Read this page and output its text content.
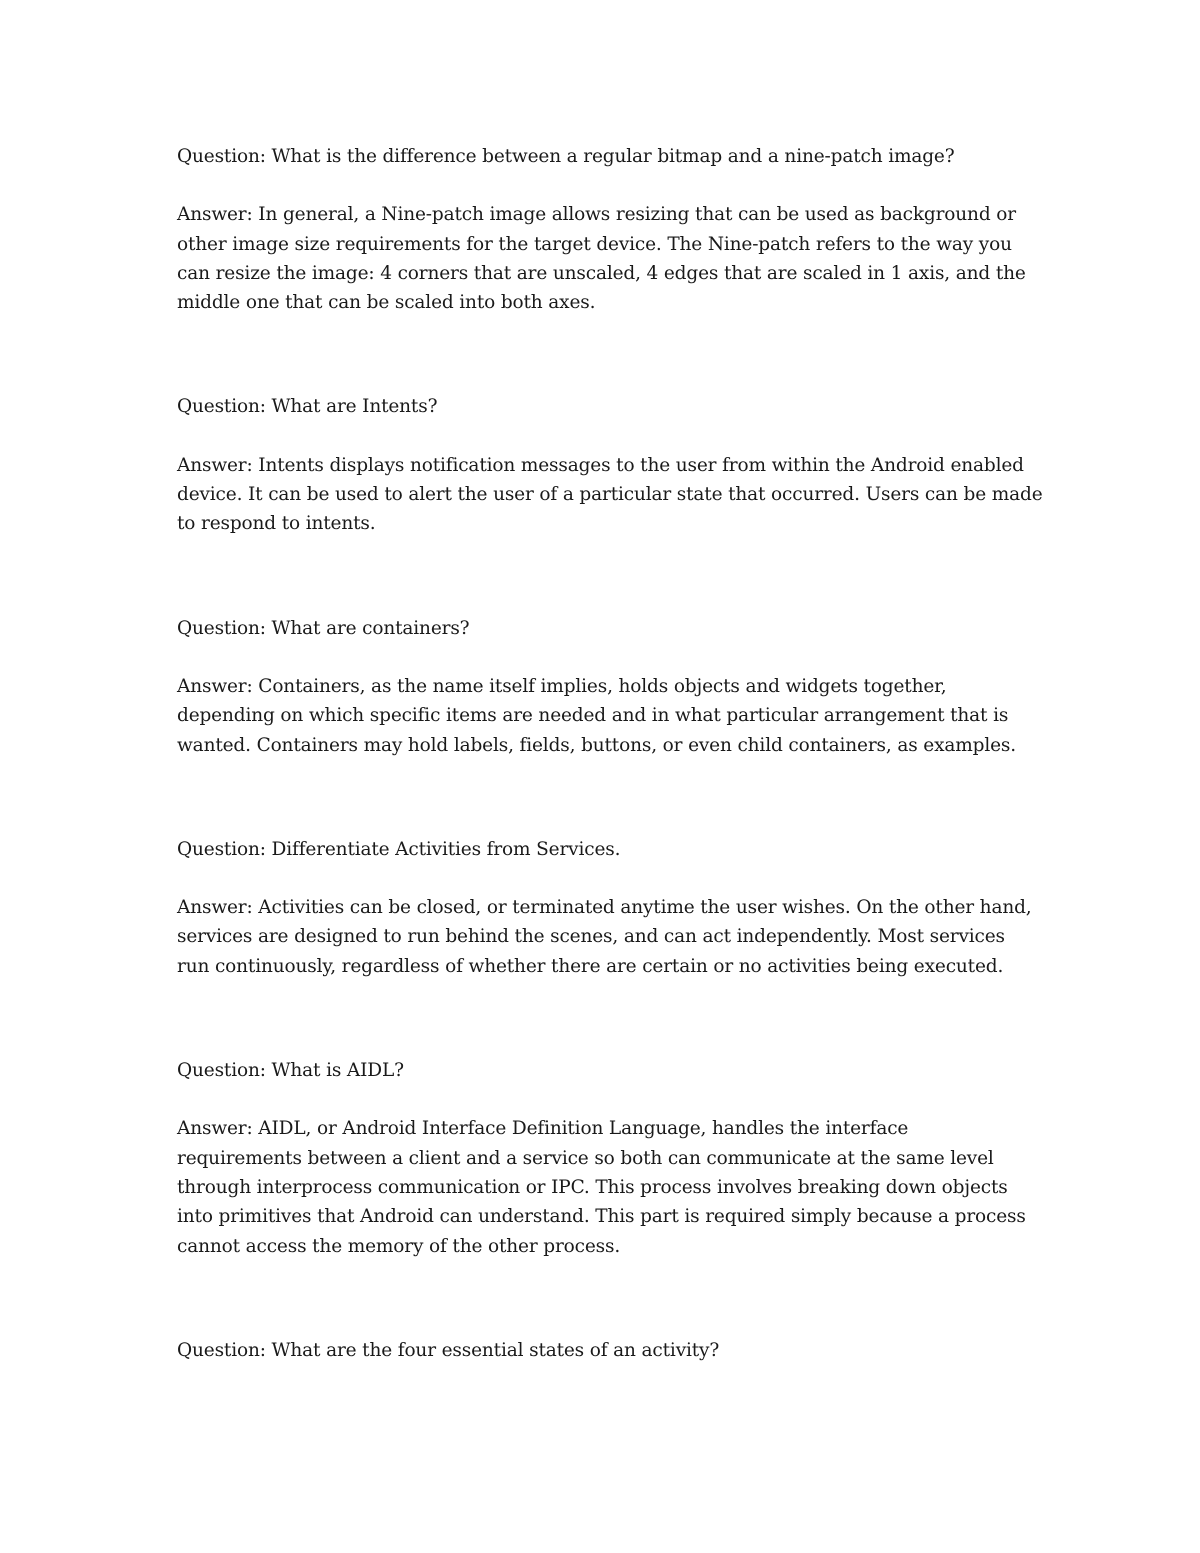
Question: What is the difference between a regular bitmap and a nine-patch image?

Answer: In general, a Nine-patch image allows resizing that can be used as background or
other image size requirements for the target device. The Nine-patch refers to the way you
can resize the image: 4 corners that are unscaled, 4 edges that are scaled in 1 axis, and the
middle one that can be scaled into both axes.

Question: What are Intents?

Answer: Intents displays notification messages to the user from within the Android enabled
device. It can be used to alert the user of a particular state that occurred. Users can be made
to respond to intents.

Question: What are containers?

Answer: Containers, as the name itself implies, holds objects and widgets together,
depending on which specific items are needed and in what particular arrangement that is
wanted. Containers may hold labels, fields, buttons, or even child containers, as examples.

Question: Differentiate Activities from Services.

Answer: Activities can be closed, or terminated anytime the user wishes. On the other hand,
services are designed to run behind the scenes, and can act independently. Most services
run continuously, regardless of whether there are certain or no activities being executed.

Question: What is AIDL?

Answer: AIDL, or Android Interface Definition Language, handles the interface
requirements between a client and a service so both can communicate at the same level
through interprocess communication or IPC. This process involves breaking down objects
into primitives that Android can understand. This part is required simply because a process
cannot access the memory of the other process.

Question: What are the four essential states of an activity?
